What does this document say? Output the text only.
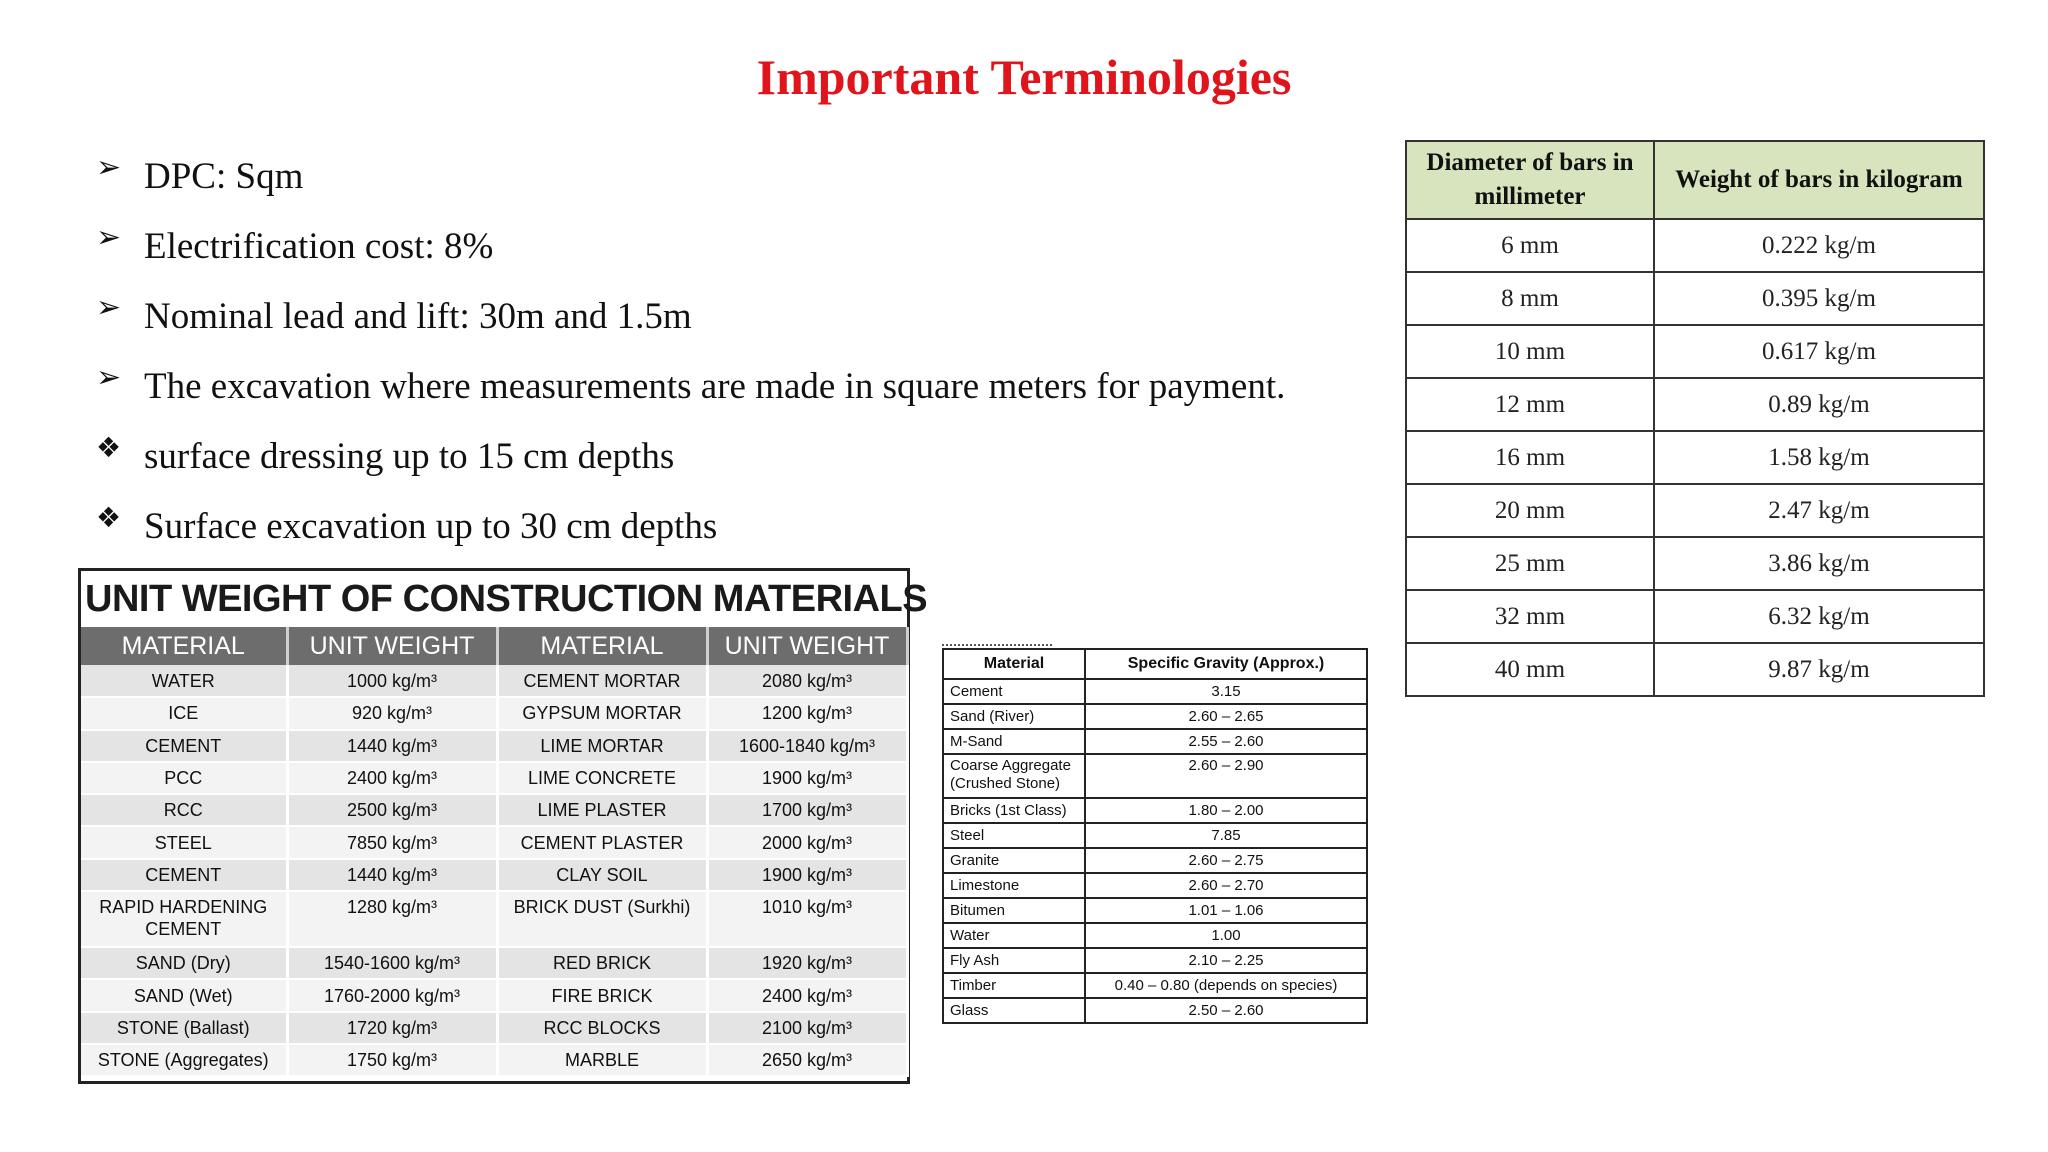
Important Terminologies
➢ DPC: Sqm
➢ Electrification cost: 8%
➢ Nominal lead and lift: 30m and 1.5m
➢ The excavation where measurements are made in square meters for payment.
❖ surface dressing up to 15 cm depths
❖ Surface excavation up to 30 cm depths
Diameter of bars in millimeter	Weight of bars in kilogram
6 mm	0.222 kg/m
8 mm	0.395 kg/m
10 mm	0.617 kg/m
12 mm	0.89 kg/m
16 mm	1.58 kg/m
20 mm	2.47 kg/m
25 mm	3.86 kg/m
32 mm	6.32 kg/m
40 mm	9.87 kg/m
UNIT WEIGHT OF CONSTRUCTION MATERIALS
MATERIAL	UNIT WEIGHT	MATERIAL	UNIT WEIGHT
WATER	1000 kg/m³	CEMENT MORTAR	2080 kg/m³
ICE	920 kg/m³	GYPSUM MORTAR	1200 kg/m³
CEMENT	1440 kg/m³	LIME MORTAR	1600-1840 kg/m³
PCC	2400 kg/m³	LIME CONCRETE	1900 kg/m³
RCC	2500 kg/m³	LIME PLASTER	1700 kg/m³
STEEL	7850 kg/m³	CEMENT PLASTER	2000 kg/m³
CEMENT	1440 kg/m³	CLAY SOIL	1900 kg/m³
RAPID HARDENING CEMENT	1280 kg/m³	BRICK DUST (Surkhi)	1010 kg/m³
SAND (Dry)	1540-1600 kg/m³	RED BRICK	1920 kg/m³
SAND (Wet)	1760-2000 kg/m³	FIRE BRICK	2400 kg/m³
STONE (Ballast)	1720 kg/m³	RCC BLOCKS	2100 kg/m³
STONE (Aggregates)	1750 kg/m³	MARBLE	2650 kg/m³
Material	Specific Gravity (Approx.)
Cement	3.15
Sand (River)	2.60 – 2.65
M-Sand	2.55 – 2.60
Coarse Aggregate (Crushed Stone)	2.60 – 2.90
Bricks (1st Class)	1.80 – 2.00
Steel	7.85
Granite	2.60 – 2.75
Limestone	2.60 – 2.70
Bitumen	1.01 – 1.06
Water	1.00
Fly Ash	2.10 – 2.25
Timber	0.40 – 0.80 (depends on species)
Glass	2.50 – 2.60
